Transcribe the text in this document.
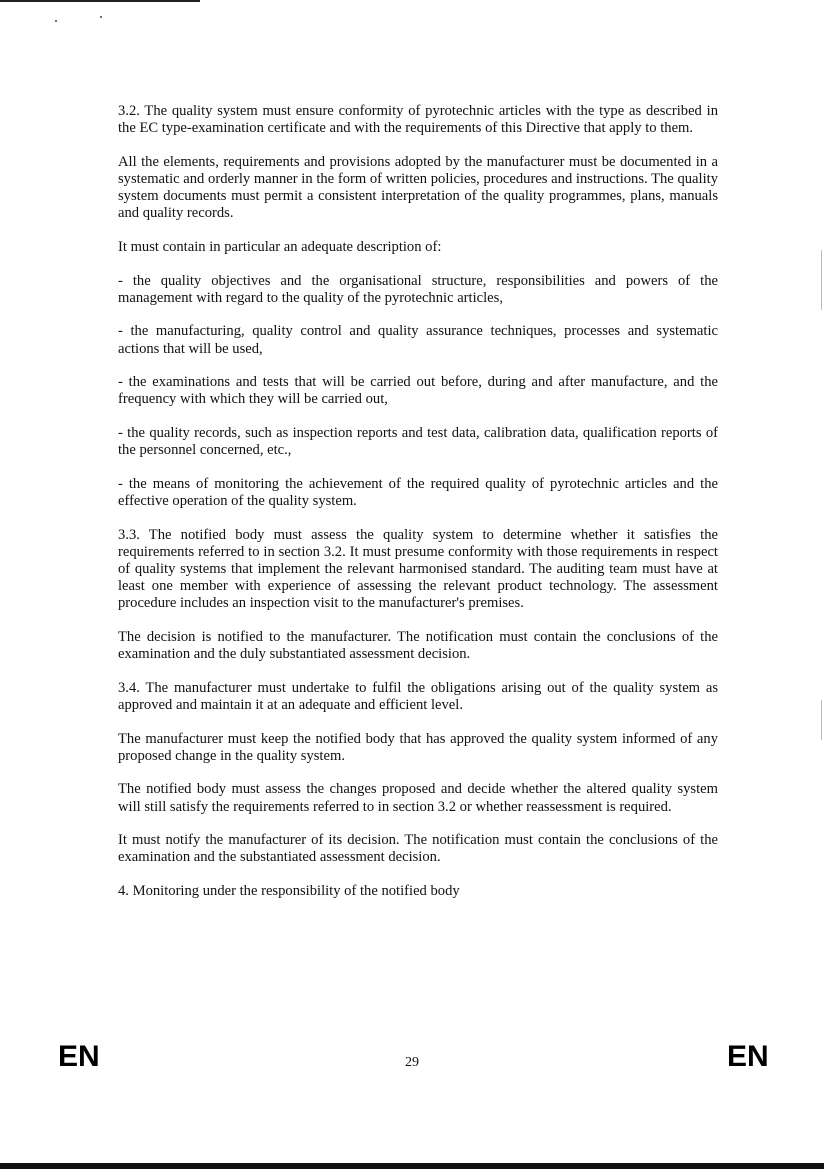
3.2. The quality system must ensure conformity of pyrotechnic articles with the type as described in the EC type-examination certificate and with the requirements of this Directive that apply to them.

All the elements, requirements and provisions adopted by the manufacturer must be documented in a systematic and orderly manner in the form of written policies, procedures and instructions. The quality system documents must permit a consistent interpretation of the quality programmes, plans, manuals and quality records.

It must contain in particular an adequate description of:

- the quality objectives and the organisational structure, responsibilities and powers of the management with regard to the quality of the pyrotechnic articles,

- the manufacturing, quality control and quality assurance techniques, processes and systematic actions that will be used,

- the examinations and tests that will be carried out before, during and after manufacture, and the frequency with which they will be carried out,

- the quality records, such as inspection reports and test data, calibration data, qualification reports of the personnel concerned, etc.,

- the means of monitoring the achievement of the required quality of pyrotechnic articles and the effective operation of the quality system.

3.3. The notified body must assess the quality system to determine whether it satisfies the requirements referred to in section 3.2. It must presume conformity with those requirements in respect of quality systems that implement the relevant harmonised standard. The auditing team must have at least one member with experience of assessing the relevant product technology. The assessment procedure includes an inspection visit to the manufacturer's premises.

The decision is notified to the manufacturer. The notification must contain the conclusions of the examination and the duly substantiated assessment decision.

3.4. The manufacturer must undertake to fulfil the obligations arising out of the quality system as approved and maintain it at an adequate and efficient level.

The manufacturer must keep the notified body that has approved the quality system informed of any proposed change in the quality system.

The notified body must assess the changes proposed and decide whether the altered quality system will still satisfy the requirements referred to in section 3.2 or whether reassessment is required.

It must notify the manufacturer of its decision. The notification must contain the conclusions of the examination and the substantiated assessment decision.

4. Monitoring under the responsibility of the notified body

EN	29	EN
